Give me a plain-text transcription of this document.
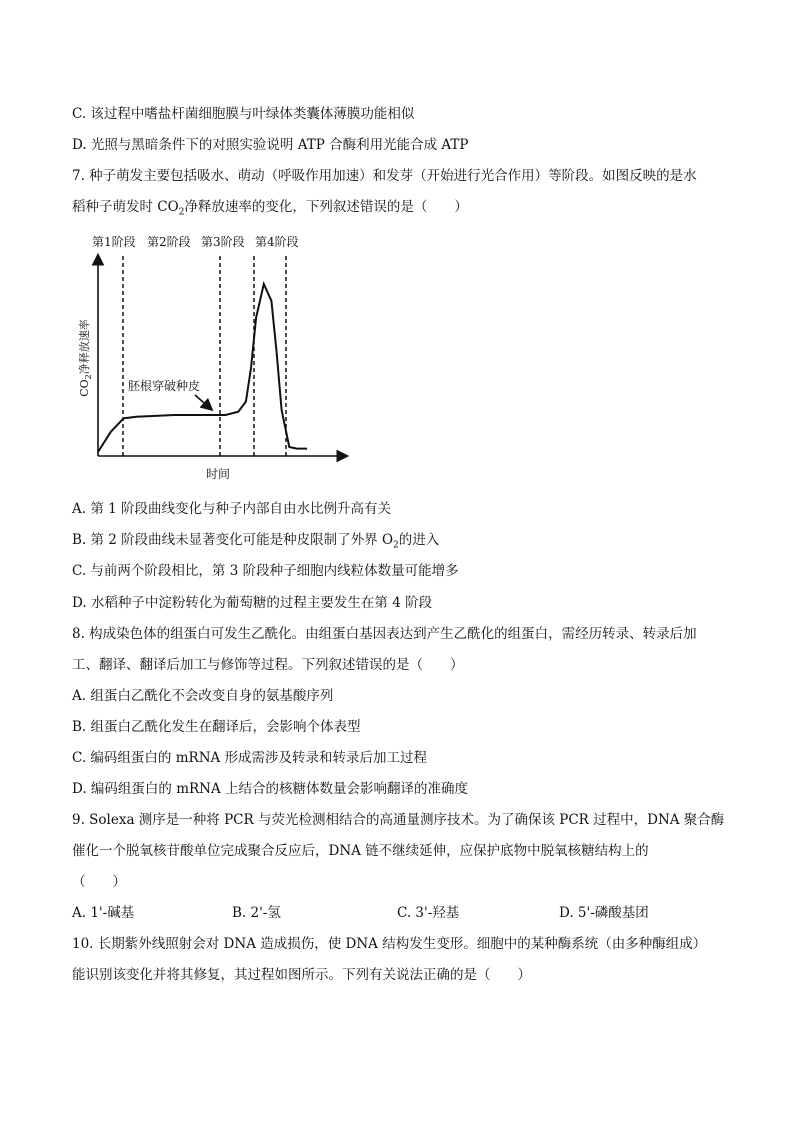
C. 该过程中嗜盐杆菌细胞膜与叶绿体类囊体薄膜功能相似
D. 光照与黑暗条件下的对照实验说明 ATP 合酶利用光能合成 ATP
7. 种子萌发主要包括吸水、萌动（呼吸作用加速）和发芽（开始进行光合作用）等阶段。如图反映的是水
稻种子萌发时 $CO_2$净释放速率的变化，下列叙述错误的是（　　）
第1阶段 第2阶段 第3阶段 第4阶段
$CO_2$净释放速率
时间
胚根穿破种皮
A. 第 1 阶段曲线变化与种子内部自由水比例升高有关
B. 第 2 阶段曲线未显著变化可能是种皮限制了外界 $O_2$的进入
C. 与前两个阶段相比，第 3 阶段种子细胞内线粒体数量可能增多
D. 水稻种子中淀粉转化为葡萄糖的过程主要发生在第 4 阶段
8. 构成染色体的组蛋白可发生乙酰化。由组蛋白基因表达到产生乙酰化的组蛋白，需经历转录、转录后加
工、翻译、翻译后加工与修饰等过程。下列叙述错误的是（　　）
A. 组蛋白乙酰化不会改变自身的氨基酸序列
B. 组蛋白乙酰化发生在翻译后，会影响个体表型
C. 编码组蛋白的 mRNA 形成需涉及转录和转录后加工过程
D. 编码组蛋白的 mRNA 上结合的核糖体数量会影响翻译的准确度
9. Solexa 测序是一种将 PCR 与荧光检测相结合的高通量测序技术。为了确保该 PCR 过程中，DNA 聚合酶
催化一个脱氧核苷酸单位完成聚合反应后，DNA 链不继续延伸，应保护底物中脱氧核糖结构上的
（　　）
A. 1'-碱基	B. 2'-氢	C. 3'-羟基	D. 5'-磷酸基团
10. 长期紫外线照射会对 DNA 造成损伤，使 DNA 结构发生变形。细胞中的某种酶系统（由多种酶组成）
能识别该变化并将其修复，其过程如图所示。下列有关说法正确的是（　　）
